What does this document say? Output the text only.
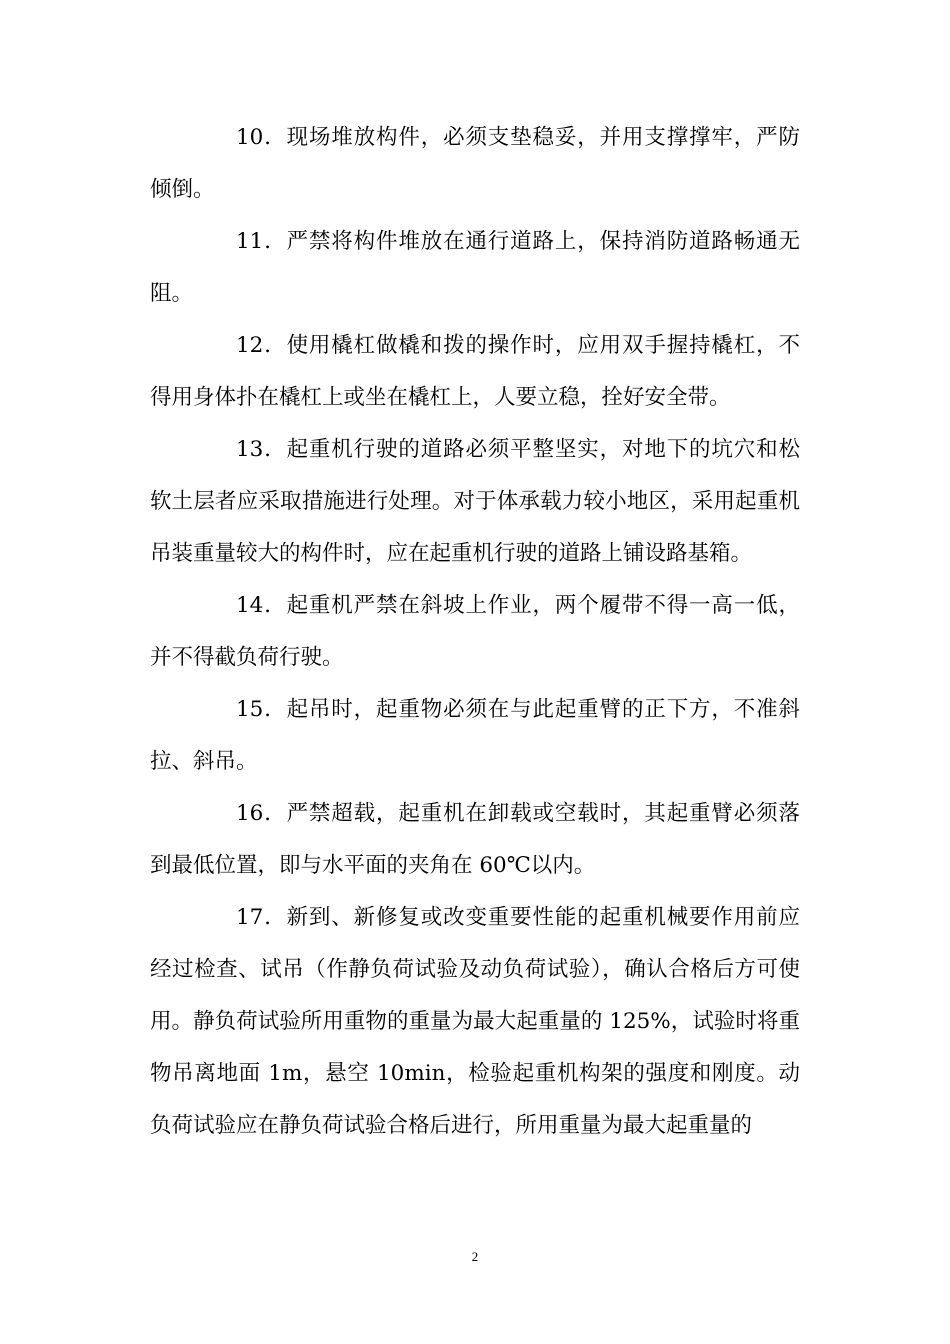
10．现场堆放构件，必须支垫稳妥，并用支撑撑牢，严防倾倒。

11．严禁将构件堆放在通行道路上，保持消防道路畅通无阻。

12．使用橇杠做橇和拨的操作时，应用双手握持橇杠，不得用身体扑在橇杠上或坐在橇杠上，人要立稳，拴好安全带。

13．起重机行驶的道路必须平整坚实，对地下的坑穴和松软土层者应采取措施进行处理。对于体承载力较小地区，采用起重机吊装重量较大的构件时，应在起重机行驶的道路上铺设路基箱。

14．起重机严禁在斜坡上作业，两个履带不得一高一低，并不得截负荷行驶。

15．起吊时，起重物必须在与此起重臂的正下方，不准斜拉、斜吊。

16．严禁超载，起重机在卸载或空载时，其起重臂必须落到最低位置，即与水平面的夹角在 60℃以内。

17．新到、新修复或改变重要性能的起重机械要作用前应经过检查、试吊（作静负荷试验及动负荷试验），确认合格后方可使用。静负荷试验所用重物的重量为最大起重量的 125%，试验时将重物吊离地面 1m，悬空 10min，检验起重机构架的强度和刚度。动负荷试验应在静负荷试验合格后进行，所用重量为最大起重量的

2
